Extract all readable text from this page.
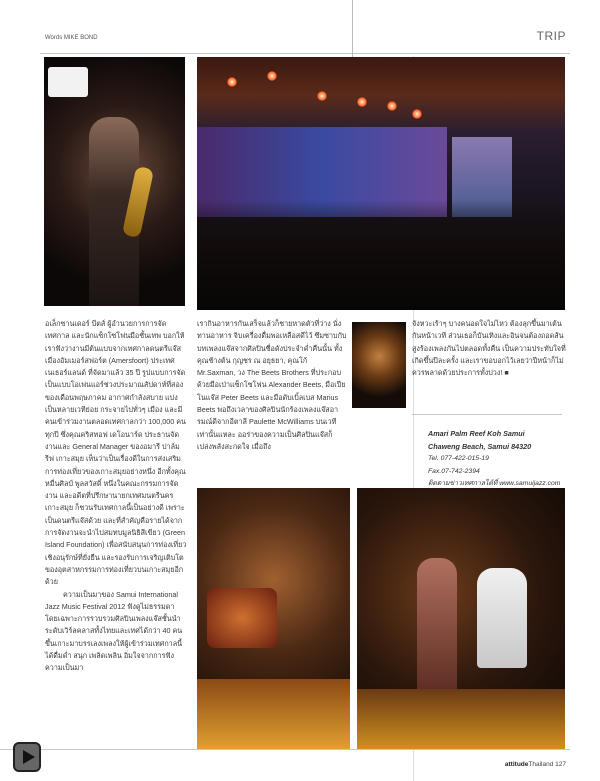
Words MIKE BOND	TRIP

อเล็กซานเดอร์ บีตส์ ผู้อำนวยการการจัดเทศกาล และนักแซ็กโซโฟนมือชั้นเทพ บอกให้เราฟังว่างานมีต้นแบบจากเทศกาลดนตรีแจ๊สเมืองอัมเมอร์สฟอร์ต (Amersfoort) ประเทศเนเธอร์แลนด์ ที่จัดมาแล้ว 35 ปี รูปแบบการจัดเป็นแบบโอเพ่นแอร์ช่วงประมาณสัปดาห์ที่สองของเดือนพฤษภาคม อากาศกำลังสบาย แบ่งเป็นหลายเวทีย่อย กระจายไปทั่วๆ เมือง และมีคนเข้าร่วมงานตลอดเทศกาลกว่า 100,000 คนทุกปี ซึ่งคุณคริสทอฟ เดโอนาร์ด ประธานจัดงานและ General Manager ของอมารี ปาล์มรีฟ เกาะสมุย เห็นว่าเป็นเรื่องดีในการส่งเสริมการท่องเที่ยวของเกาะสมุยอย่างหนึ่ง อีกทั้งคุณหมื่นศิลป์ พูลสวัสดิ์ หนึ่งในคณะกรรมการจัดงาน และอดีตที่ปรึกษานายกเทศมนตรีนครเกาะสมุย ก็ชวนรับเทศกาลนี้เป็นอย่างดี เพราะเป็นดนตรีแจ๊สด้วย และที่สำคัญคือรายได้จากการจัดงานจะนำไปสมทบมูลนิธิสีเขียว (Green Island Foundation) เพื่อสนับสนุนการท่องเที่ยวเชิงอนุรักษ์ที่ยั่งยืน และรองรับการเจริญเติบโตของอุตสาหกรรมการท่องเที่ยวบนเกาะสมุยอีกด้วย

ความเป็นมาของ Samui International Jazz Music Festival 2012 ฟังดูไม่ธรรมดา โดยเฉพาะการรวบรวมศิลปินเพลงแจ๊สชั้นนำระดับเวิร์ลคลาสทั้งไทยและเทศได้กว่า 40 คน ขึ้นเกาะมาบรรเลงเพลงให้ผู้เข้าร่วมเทศกาลนี้ได้ดื่มด่ำ สนุก เพลิดเพลิน อิ่มใจจากการฟังความเป็นมา

เรากินอาหารกันเสร็จแล้วก็ชายหาดตัวที่ว่าง นั่งทานอาหาร จิบเครื่องดื่มพอเหลือสดีไว้ ซึมซาบกับบทเพลงแจ๊สจากศิลปินชื่อดังประจำค่ำคืนนั้น ทั้งคุณช้างต้น กุญชร ณ อยุธยา, คุณโก้ Mr.Saxman, วง The Beets Brothers ที่ประกอบด้วยมือเป่าแซ็กโซโฟน Alexander Beets, มือเปียโนแจ๊ส Peter Beets และมือดับเบิ้ลเบส Marius Beets พอถึงเวลาของศิลปินนักร้องเพลงแจ๊สอารมณ์ดีจากอีตาลี Paulette McWilliams บนเวทีเท่านั้นแหละ ออร่าของความเป็นศิลปินแจ๊สก็เปล่งพลังสะกดใจ เมื่อถึง

จังหวะเร้าๆ บางคนอดใจไม่ไหว ต้องลุกขึ้นมาเต้นกันหน้าเวที ส่วนเธอก็บันเทิงและอินจนต้องถอดส้นสูงร้องเพลงกันไปตลอดทั้งคืน เป็นความประทับใจที่เกิดขึ้นปีละครั้ง และเราขอบอกไว้เลยว่าปีหน้าก็ไม่ควรพลาดด้วยประการทั้งปวง! ■

Amari Palm Reef Koh Samui
Chaweng Beach, Samui 84320
Tel. 077-422-015-19
Fax.07-742-2394
ติดตามข่าวเทศกาลได้ที่ www.samuijazz.com
attitudeThailand 127
